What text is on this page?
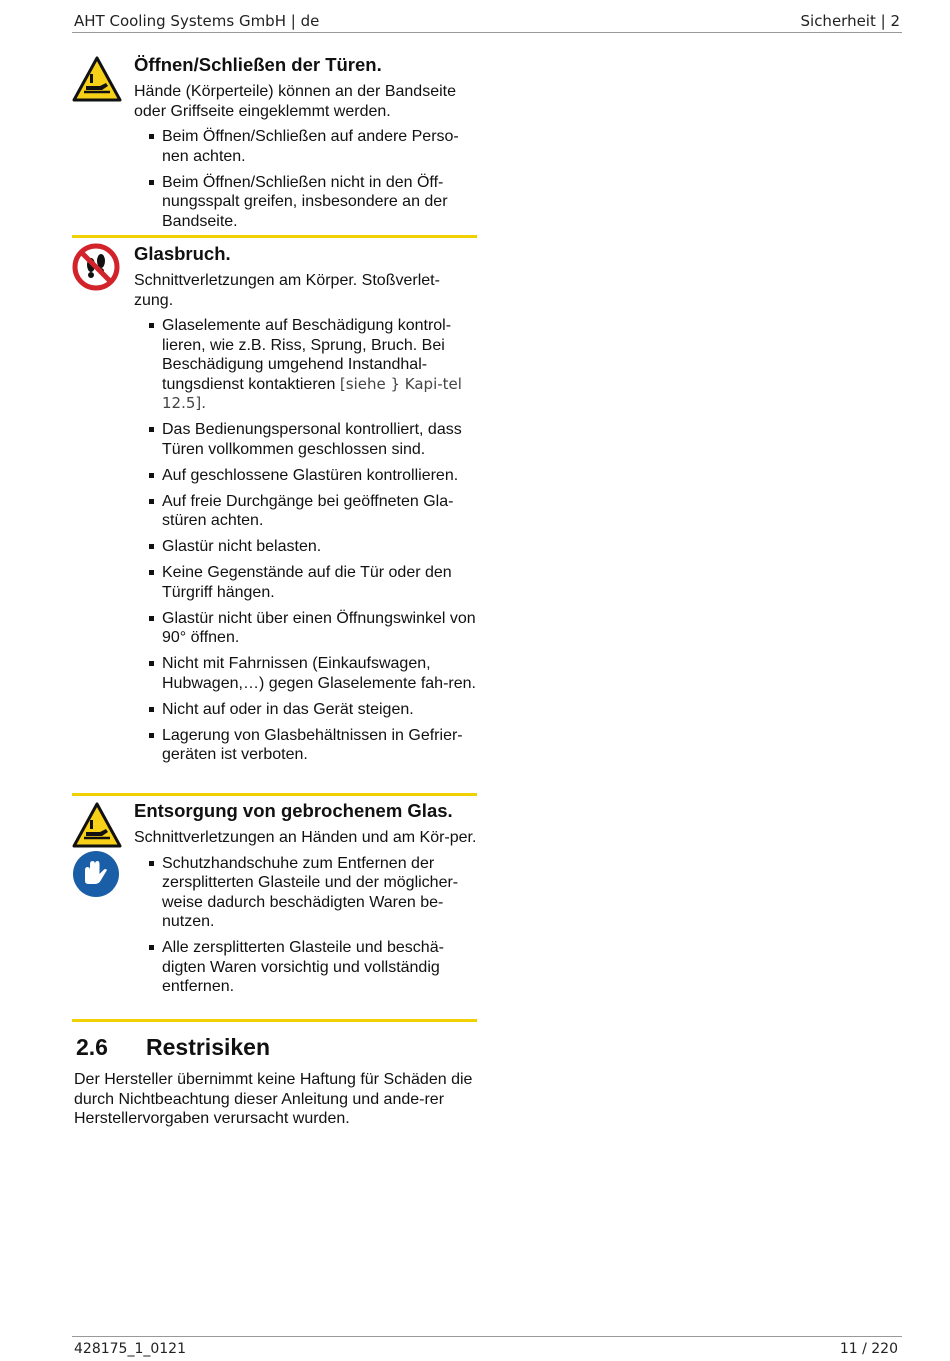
AHT Cooling Systems GmbH | de	Sicherheit | 2
Öffnen/Schließen der Türen.
Hände (Körperteile) können an der Bandseite oder Griffseite eingeklemmt werden.
Beim Öffnen/Schließen auf andere Perso-nen achten.
Beim Öffnen/Schließen nicht in den Öff-nungsspalt greifen, insbesondere an der Bandseite.
Glasbruch.
Schnittverletzungen am Körper. Stoßverlet-zung.
Glaselemente auf Beschädigung kontrol-lieren, wie z.B. Riss, Sprung, Bruch. Bei Beschädigung umgehend Instandhal-tungsdienst kontaktieren [siehe } Kapi-tel 12.5].
Das Bedienungspersonal kontrolliert, dass Türen vollkommen geschlossen sind.
Auf geschlossene Glastüren kontrollieren.
Auf freie Durchgänge bei geöffneten Gla-stüren achten.
Glastür nicht belasten.
Keine Gegenstände auf die Tür oder den Türgriff hängen.
Glastür nicht über einen Öffnungswinkel von 90° öffnen.
Nicht mit Fahrnissen (Einkaufswagen, Hubwagen,…) gegen Glaselemente fah-ren.
Nicht auf oder in das Gerät steigen.
Lagerung von Glasbehältnissen in Gefrier-geräten ist verboten.
Entsorgung von gebrochenem Glas.
Schnittverletzungen an Händen und am Kör-per.
Schutzhandschuhe zum Entfernen der zersplitterten Glasteile und der möglicher-weise dadurch beschädigten Waren be-nutzen.
Alle zersplitterten Glasteile und beschä-digten Waren vorsichtig und vollständig entfernen.
2.6 Restrisiken
Der Hersteller übernimmt keine Haftung für Schäden die durch Nichtbeachtung dieser Anleitung und ande-rer Herstellervorgaben verursacht wurden.
428175_1_0121	11 / 220
